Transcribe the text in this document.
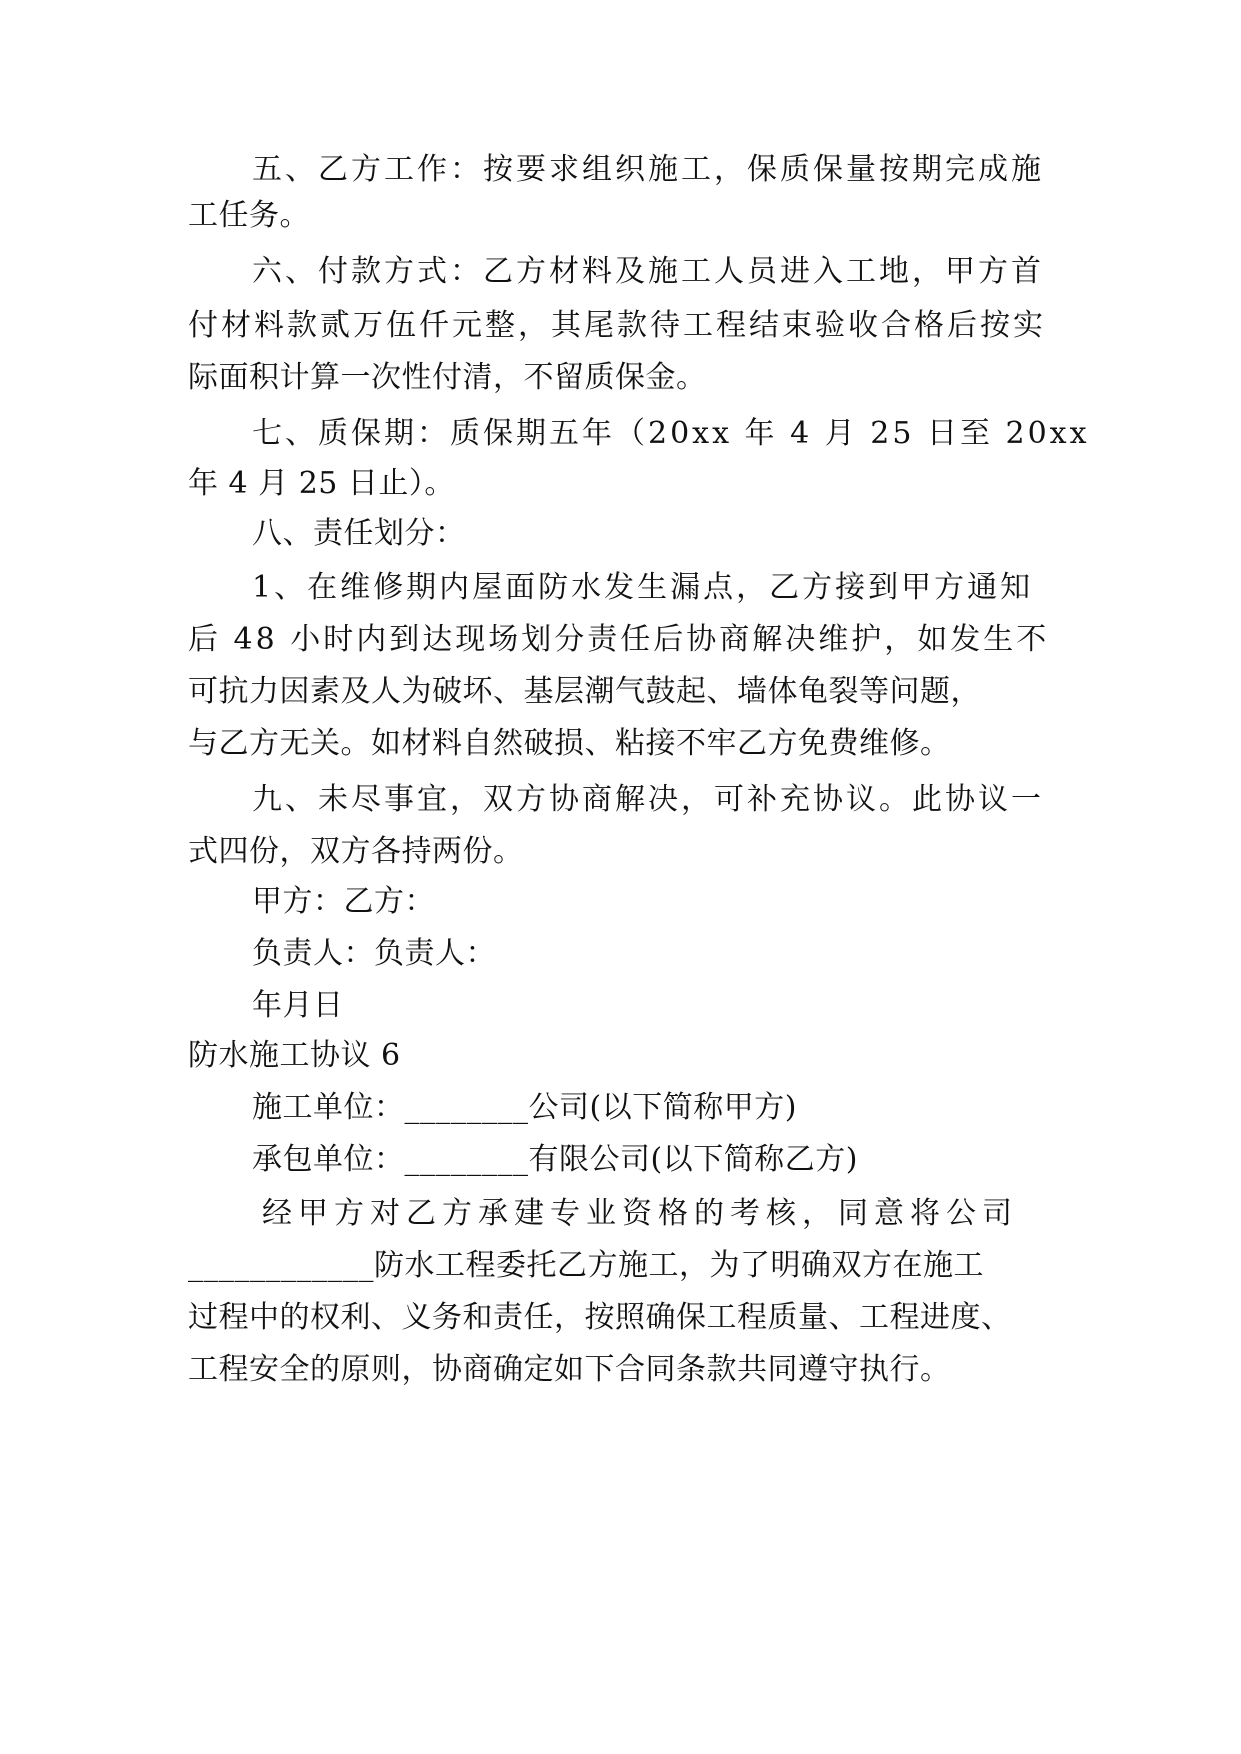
五、乙方工作：按要求组织施工，保质保量按期完成施
工任务。
六、付款方式：乙方材料及施工人员进入工地，甲方首
付材料款贰万伍仟元整，其尾款待工程结束验收合格后按实
际面积计算一次性付清，不留质保金。
七、质保期：质保期五年（20xx 年 4 月 25 日至 20xx
年 4 月 25 日止）。
八、责任划分：
1、在维修期内屋面防水发生漏点，乙方接到甲方通知
后 48 小时内到达现场划分责任后协商解决维护，如发生不
可抗力因素及人为破坏、基层潮气鼓起、墙体龟裂等问题，
与乙方无关。如材料自然破损、粘接不牢乙方免费维修。
九、未尽事宜，双方协商解决，可补充协议。此协议一
式四份，双方各持两份。
甲方：乙方：
负责人：负责人：
年月日
防水施工协议 6
施工单位：________公司(以下简称甲方)
承包单位：________有限公司(以下简称乙方)
经甲方对乙方承建专业资格的考核，同意将公司
____________防水工程委托乙方施工，为了明确双方在施工
过程中的权利、义务和责任，按照确保工程质量、工程进度、
工程安全的原则，协商确定如下合同条款共同遵守执行。
